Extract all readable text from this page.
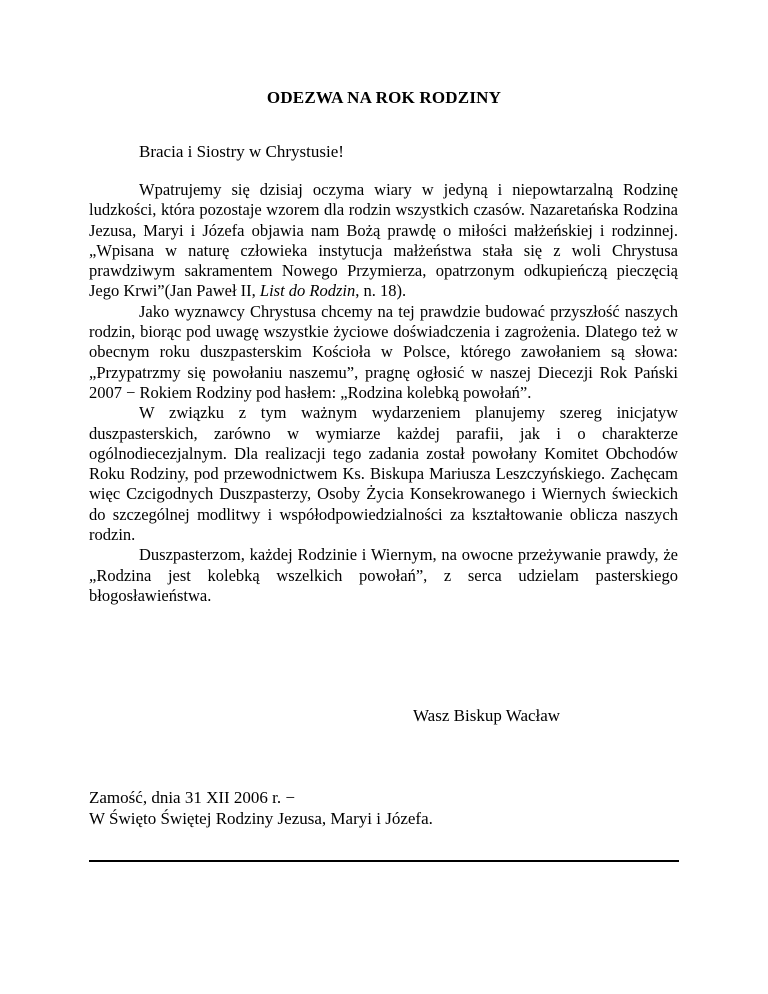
ODEZWA NA ROK RODZINY
Bracia i Siostry w Chrystusie!

Wpatrujemy się dzisiaj oczyma wiary w jedyną i niepowtarzalną Rodzinę ludzkości, która pozostaje wzorem dla rodzin wszystkich czasów. Nazaretańska Rodzina Jezusa, Maryi i Józefa objawia nam Bożą prawdę o miłości małżeńskiej i rodzinnej. „Wpisana w naturę człowieka instytucja małżeństwa stała się z woli Chrystusa prawdziwym sakramentem Nowego Przymierza, opatrzonym odkupieńczą pieczęcią Jego Krwi”(Jan Paweł II, List do Rodzin, n. 18).

Jako wyznawcy Chrystusa chcemy na tej prawdzie budować przyszłość naszych rodzin, biorąc pod uwagę wszystkie życiowe doświadczenia i zagrożenia. Dlatego też w obecnym roku duszpasterskim Kościoła w Polsce, którego zawołaniem są słowa: „Przypatrzmy się powołaniu naszemu”, pragnę ogłosić w naszej Diecezji Rok Pański 2007 − Rokiem Rodziny pod hasłem: „Rodzina kolebką powołań”.

W związku z tym ważnym wydarzeniem planujemy szereg inicjatyw duszpasterskich, zarówno w wymiarze każdej parafii, jak i o charakterze ogólnodiecezjalnym. Dla realizacji tego zadania został powołany Komitet Obchodów Roku Rodziny, pod przewodnictwem Ks. Biskupa Mariusza Leszczyńskiego. Zachęcam więc Czcigodnych Duszpasterzy, Osoby Życia Konsekrowanego i Wiernych świeckich do szczególnej modlitwy i współodpowiedzialności za kształtowanie oblicza naszych rodzin.

Duszpasterzom, każdej Rodzinie i Wiernym, na owocne przeżywanie prawdy, że „Rodzina jest kolebką wszelkich powołań”, z serca udzielam pasterskiego błogosławieństwa.

Wasz Biskup Wacław
Zamość, dnia 31 XII 2006 r. −
W Święto Świętej Rodziny Jezusa, Maryi i Józefa.
